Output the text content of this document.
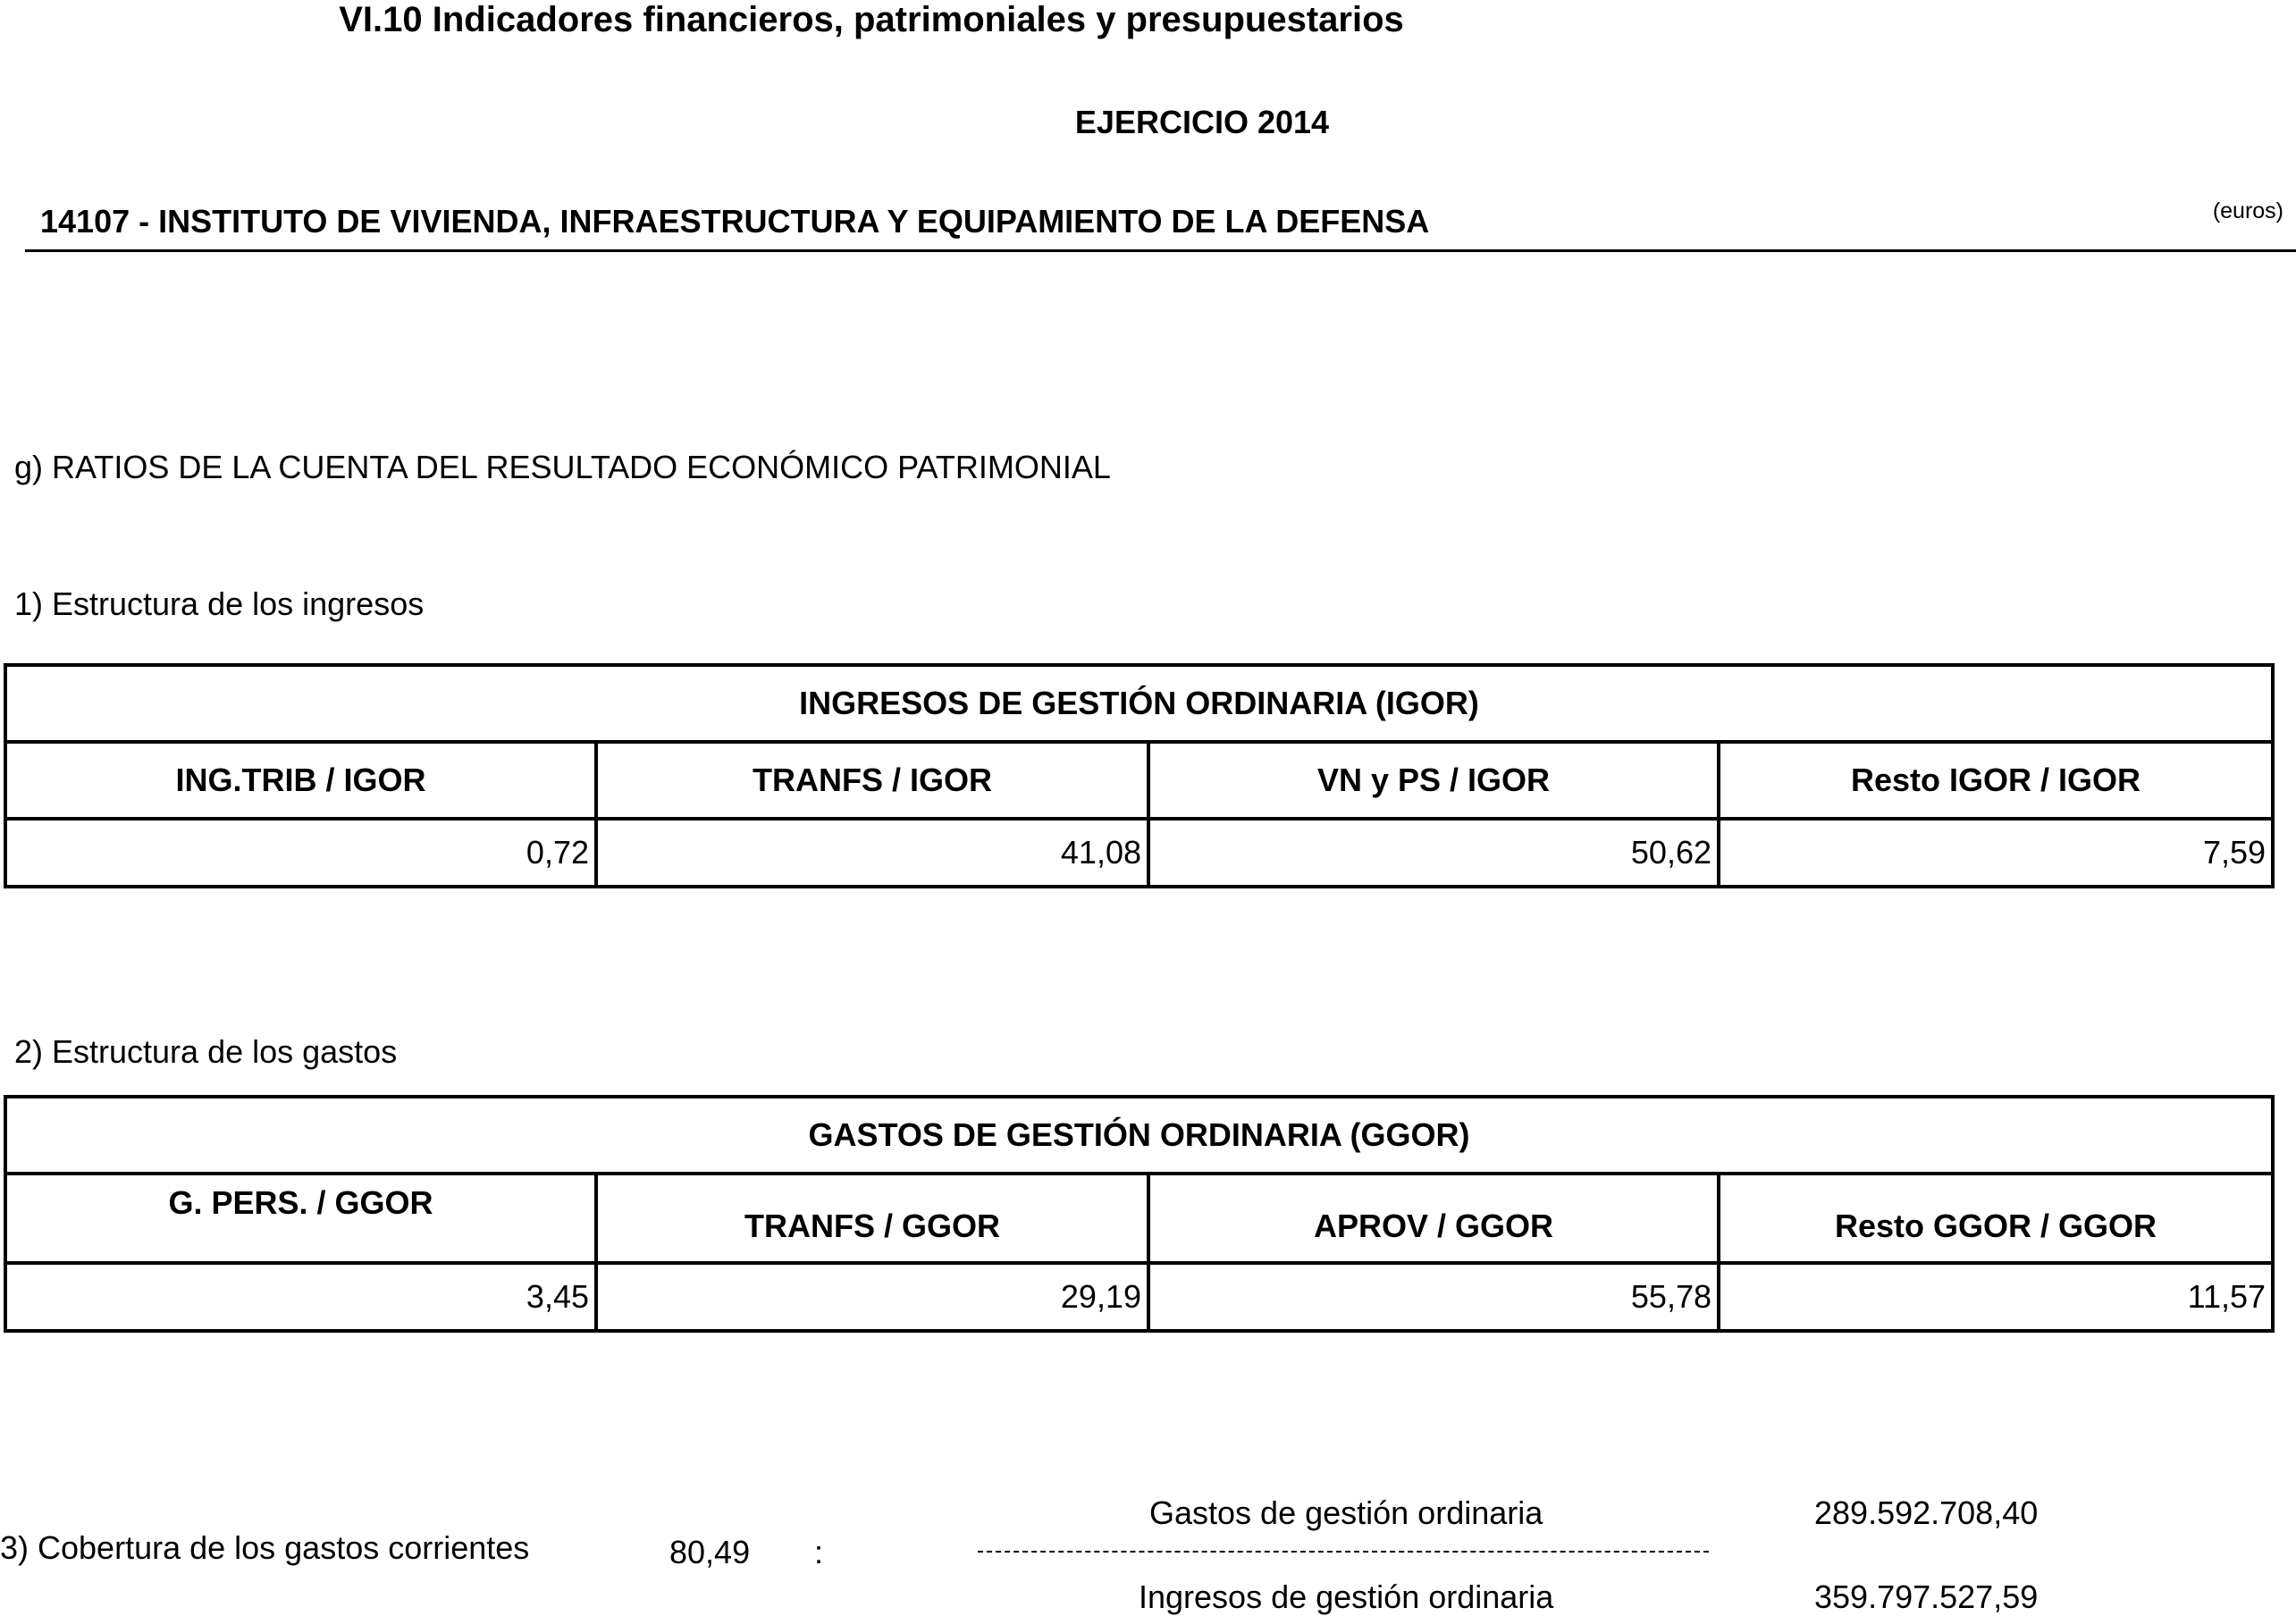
VI.10 Indicadores financieros, patrimoniales y presupuestarios
EJERCICIO 2014
14107 - INSTITUTO DE VIVIENDA, INFRAESTRUCTURA Y EQUIPAMIENTO DE LA DEFENSA	(euros)
g) RATIOS DE LA CUENTA DEL RESULTADO ECONÓMICO PATRIMONIAL
1) Estructura de los ingresos
INGRESOS DE GESTIÓN ORDINARIA (IGOR)			
ING.TRIB / IGOR	TRANFS / IGOR	VN y PS / IGOR	Resto IGOR / IGOR
0,72	41,08	50,62	7,59
2) Estructura de los gastos
GASTOS DE GESTIÓN ORDINARIA (GGOR)			
G. PERS. / GGOR	TRANFS / GGOR	APROV / GGOR	Resto GGOR / GGOR
3,45	29,19	55,78	11,57
3) Cobertura de los gastos corrientes	80,49 :
Gastos de gestión ordinaria	289.592.708,40
Ingresos de gestión ordinaria	359.797.527,59
